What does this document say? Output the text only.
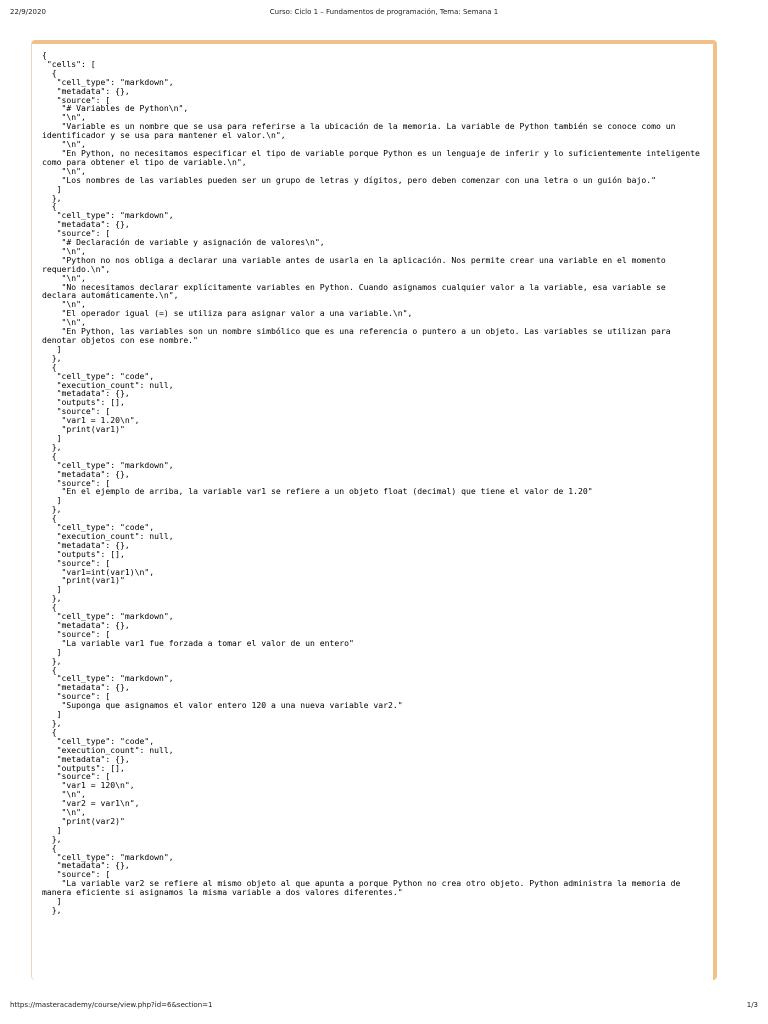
22/9/2020	Curso: Ciclo 1 – Fundamentos de programación, Tema: Semana 1
{
"cells": [
{
"cell_type": "markdown",
"metadata": {},
"source": [
"# Variables de Python\n",
"\n",
"Variable es un nombre que se usa para referirse a la ubicación de la memoria. La variable de Python también se conoce como un identificador y se usa para mantener el valor.\n",
"\n",
"En Python, no necesitamos especificar el tipo de variable porque Python es un lenguaje de inferir y lo suficientemente inteligente como para obtener el tipo de variable.\n",
"\n",
"Los nombres de las variables pueden ser un grupo de letras y dígitos, pero deben comenzar con una letra o un guión bajo."
]
},
{
"cell_type": "markdown",
"metadata": {},
"source": [
"# Declaración de variable y asignación de valores\n",
"\n",
"Python no nos obliga a declarar una variable antes de usarla en la aplicación. Nos permite crear una variable en el momento requerido.\n",
"\n",
"No necesitamos declarar explícitamente variables en Python. Cuando asignamos cualquier valor a la variable, esa variable se declara automáticamente.\n",
"\n",
"El operador igual (=) se utiliza para asignar valor a una variable.\n",
"\n",
"En Python, las variables son un nombre simbólico que es una referencia o puntero a un objeto. Las variables se utilizan para denotar objetos con ese nombre."
]
},
{
"cell_type": "code",
"execution_count": null,
"metadata": {},
"outputs": [],
"source": [
"var1 = 1.20\n",
"print(var1)"
]
},
{
"cell_type": "markdown",
"metadata": {},
"source": [
"En el ejemplo de arriba, la variable var1 se refiere a un objeto float (decimal) que tiene el valor de 1.20"
]
},
{
"cell_type": "code",
"execution_count": null,
"metadata": {},
"outputs": [],
"source": [
"var1=int(var1)\n",
"print(var1)"
]
},
{
"cell_type": "markdown",
"metadata": {},
"source": [
"La variable var1 fue forzada a tomar el valor de un entero"
]
},
{
"cell_type": "markdown",
"metadata": {},
"source": [
"Suponga que asignamos el valor entero 120 a una nueva variable var2."
]
},
{
"cell_type": "code",
"execution_count": null,
"metadata": {},
"outputs": [],
"source": [
"var1 = 120\n",
"\n",
"var2 = var1\n",
"\n",
"print(var2)"
]
},
{
"cell_type": "markdown",
"metadata": {},
"source": [
"La variable var2 se refiere al mismo objeto al que apunta a porque Python no crea otro objeto. Python administra la memoria de manera eficiente si asignamos la misma variable a dos valores diferentes."
]
},

https://masteracademy/course/view.php?id=6&section=1	1/3
